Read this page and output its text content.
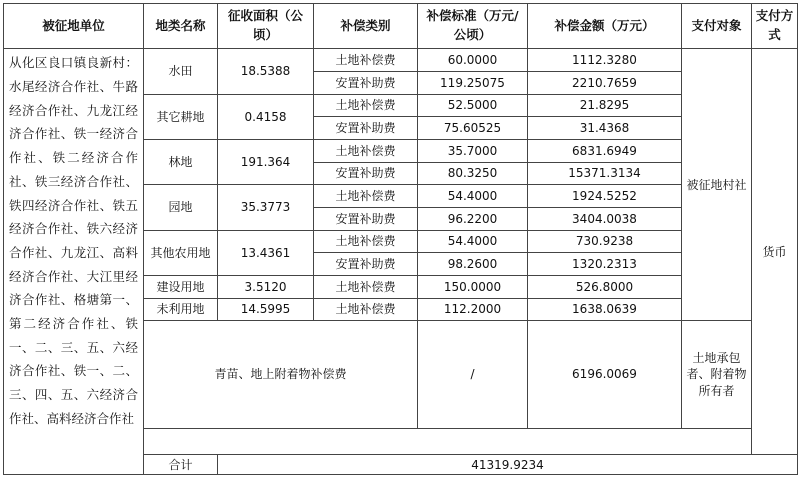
被征地单位	地类名称	征收面积（公顷）	补偿类别	补偿标准（万元/公顷）	补偿金额（万元）	支付对象	支付方式	
从化区良口镇良新村：水尾经济合作社、牛路经济合作社、九龙江经济合作社、铁一经济合作社、铁二经济合作社、铁三经济合作社、铁四经济合作社、铁五经济合作社、铁六经济合作社、九龙江、高料经济合作社、大江里经济合作社、格塘第一、第二经济合作社、铁一、二、三、五、六经济合作社、铁一、二、三、四、五、六经济合作社、高料经济合作社	水田	18.5388	土地补偿费	60.0000	1112.3280	被征地村社	货币	
			安置补助费	119.25075	2210.7659			
	其它耕地	0.4158	土地补偿费	52.5000	21.8295			
			安置补助费	75.60525	31.4368			
	林地	191.364	土地补偿费	35.7000	6831.6949			
			安置补助费	80.3250	15371.3134			
	园地	35.3773	土地补偿费	54.4000	1924.5252			
			安置补助费	96.2200	3404.0038			
	其他农用地	13.4361	土地补偿费	54.4000	730.9238			
			安置补助费	98.2600	1320.2313			
	建设用地	3.5120	土地补偿费	150.0000	526.8000			
	未利用地	14.5995	土地补偿费	112.2000	1638.0639			
	青苗、地上附着物补偿费			/	6196.0069	土地承包者、附着物所有者		

	合计	41319.9234						
